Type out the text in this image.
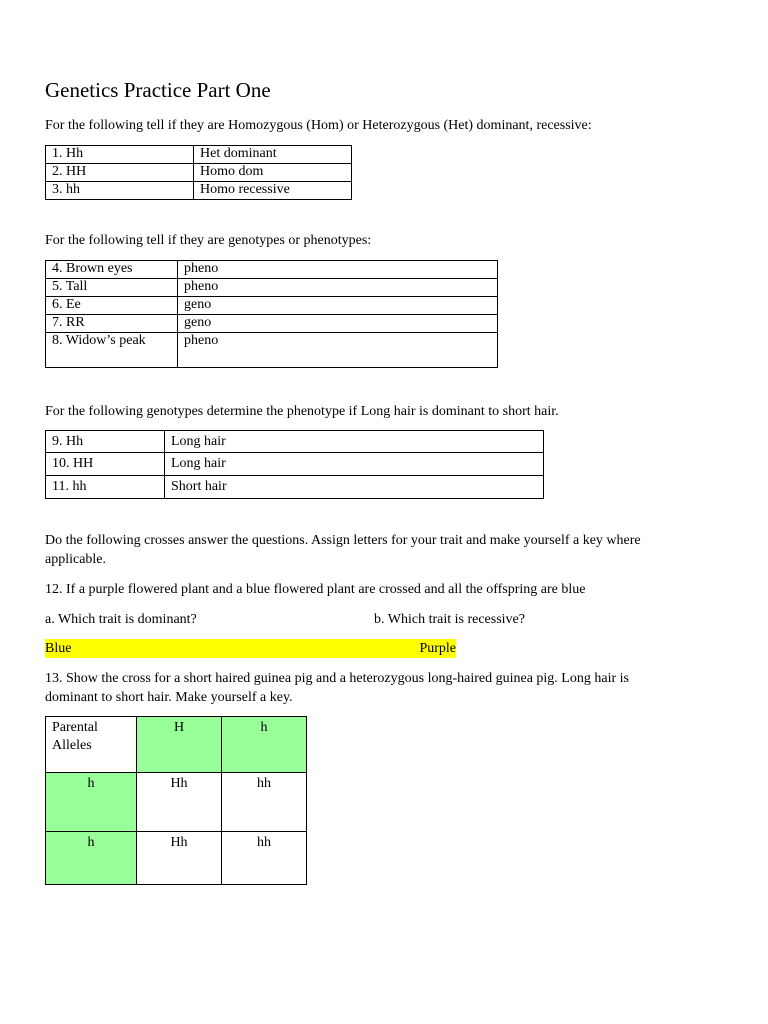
Genetics Practice Part One

For the following tell if they are Homozygous (Hom) or Heterozygous (Het) dominant, recessive:

1. Hh	Het dominant
2. HH	Homo dom
3. hh	Homo recessive

For the following tell if they are genotypes or phenotypes:

4. Brown eyes	pheno
5. Tall	pheno
6. Ee	geno
7. RR	geno
8. Widow’s peak	pheno

For the following genotypes determine the phenotype if Long hair is dominant to short hair.

9. Hh	Long hair
10. HH	Long hair
11. hh	Short hair

Do the following crosses answer the questions. Assign letters for your trait and make yourself a key where

applicable.

12. If a purple flowered plant and a blue flowered plant are crossed and all the offspring are blue

a. Which trait is dominant?	b. Which trait is recessive?

Blue	Purple

13. Show the cross for a short haired guinea pig and a heterozygous long-haired guinea pig. Long hair is

dominant to short hair. Make yourself a key.

Parental
Alleles	H	h
h	Hh	hh
h	Hh	hh
